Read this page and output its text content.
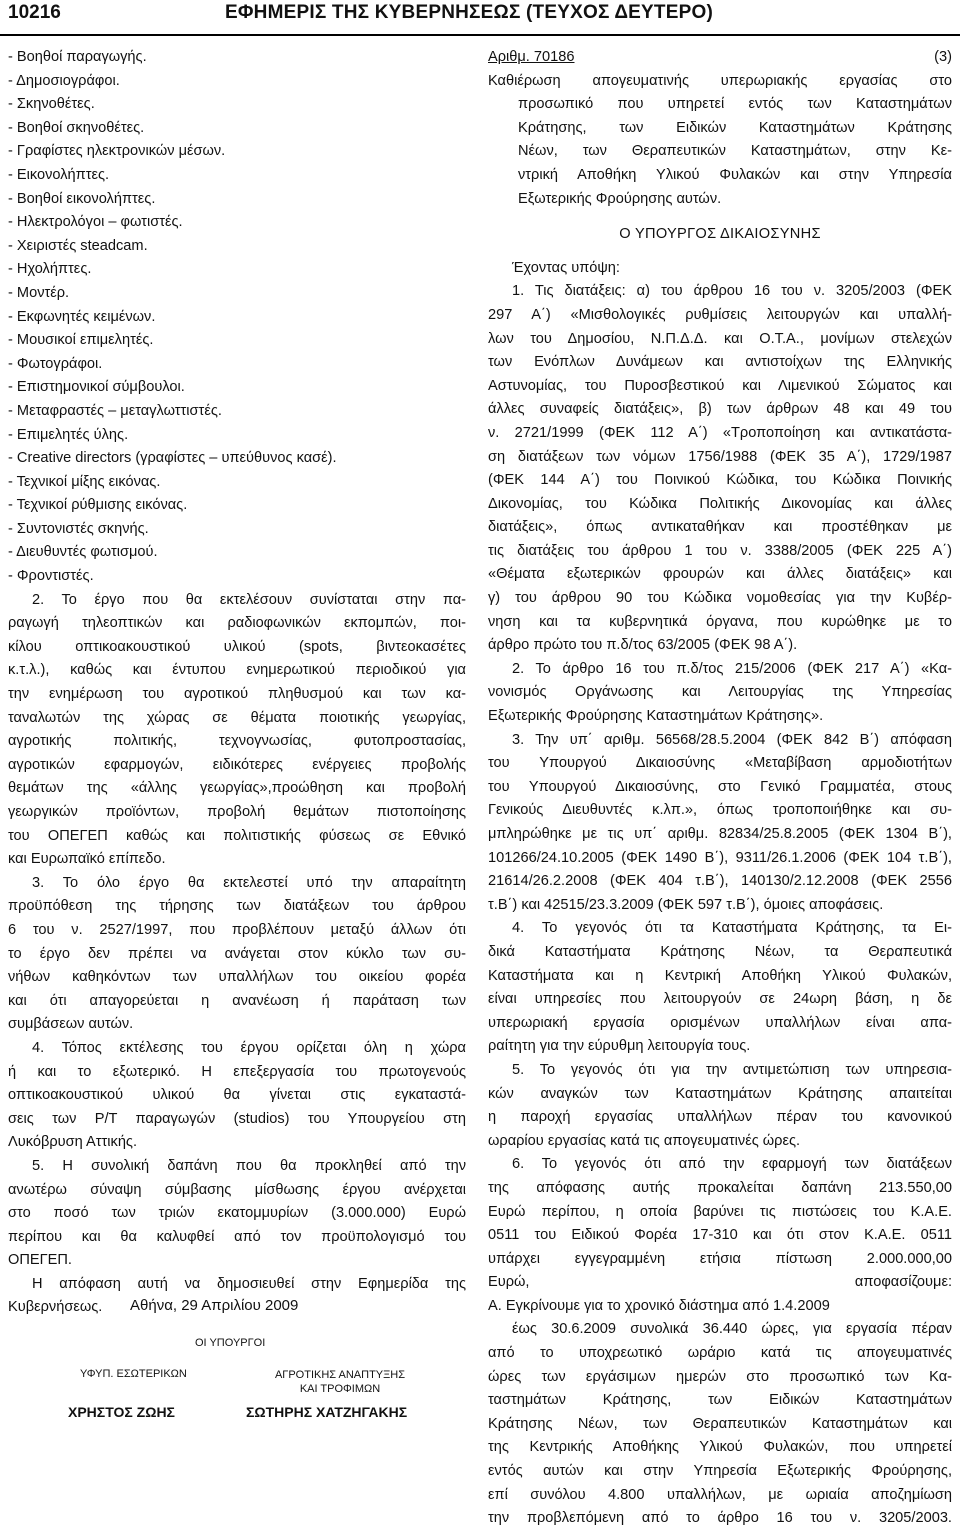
10216	ΕΦΗΜΕΡΙΣ ΤΗΣ ΚΥΒΕΡΝΗΣΕΩΣ (ΤΕΥΧΟΣ ΔΕΥΤΕΡΟ)
- Βοηθοί παραγωγής.
- Δημοσιογράφοι.
- Σκηνοθέτες.
- Βοηθοί σκηνοθέτες.
- Γραφίστες ηλεκτρονικών μέσων.
- Εικονολήπτες.
- Βοηθοί εικονολήπτες.
- Ηλεκτρολόγοι – φωτιστές.
- Χειριστές steadcam.
- Ηχολήπτες.
- Μοντέρ.
- Εκφωνητές κειμένων.
- Μουσικοί επιμελητές.
- Φωτογράφοι.
- Επιστημονικοί σύμβουλοι.
- Μεταφραστές – μεταγλωττιστές.
- Επιμελητές ύλης.
- Creative directors (γραφίστες – υπεύθυνος κασέ).
- Τεχνικοί μίξης εικόνας.
- Τεχνικοί ρύθμισης εικόνας.
- Συντονιστές σκηνής.
- Διευθυντές φωτισμού.
- Φροντιστές.
2. Το έργο που θα εκτελέσουν συνίσταται στην πα-
ραγωγή τηλεοπτικών και ραδιοφωνικών εκπομπών, ποι-
κίλου οπτικοακουστικού υλικού (spots, βιντεοκασέτες
κ.τ.λ.), καθώς και έντυπου ενημερωτικού περιοδικού για
την ενημέρωση του αγροτικού πληθυσμού και των κα-
ταναλωτών της χώρας σε θέματα ποιοτικής γεωργίας,
αγροτικής πολιτικής, τεχνογνωσίας, φυτοπροστασίας,
αγροτικών εφαρμογών, ειδικότερες ενέργειες προβολής
θεμάτων της «άλλης γεωργίας»,προώθηση και προβολή
γεωργικών προϊόντων, προβολή θεμάτων πιστοποίησης
του ΟΠΕΓΕΠ καθώς και πολιτιστικής φύσεως σε Εθνικό
και Ευρωπαϊκό επίπεδο.
3. Το όλο έργο θα εκτελεστεί υπό την απαραίτητη
προϋπόθεση της τήρησης των διατάξεων του άρθρου
6 του ν. 2527/1997, που προβλέπουν μεταξύ άλλων ότι
το έργο δεν πρέπει να ανάγεται στον κύκλο των συ-
νήθων καθηκόντων των υπαλλήλων του οικείου φορέα
και ότι απαγορεύεται η ανανέωση ή παράταση των
συμβάσεων αυτών.
4. Τόπος εκτέλεσης του έργου ορίζεται όλη η χώρα
ή και το εξωτερικό. Η επεξεργασία του πρωτογενούς
οπτικοακουστικού υλικού θα γίνεται στις εγκαταστά-
σεις των Ρ/Τ παραγωγών (studios) του Υπουργείου στη
Λυκόβρυση Αττικής.
5. Η συνολική δαπάνη που θα προκληθεί από την
ανωτέρω σύναψη σύμβασης μίσθωσης έργου ανέρχεται
στο ποσό των τριών εκατομμυρίων (3.000.000) Ευρώ
περίπου και θα καλυφθεί από τον προϋπολογισμό του
ΟΠΕΓΕΠ.
Η απόφαση αυτή να δημοσιευθεί στην Εφημερίδα της
Κυβερνήσεως.
Αριθμ. 70186	(3)
Καθιέρωση απογευματινής υπερωριακής εργασίας στο
προσωπικό που υπηρετεί εντός των Καταστημάτων
Κράτησης, των Ειδικών Καταστημάτων Κράτησης
Νέων, των Θεραπευτικών Καταστημάτων, στην Κε-
ντρική Αποθήκη Υλικού Φυλακών και στην Υπηρεσία
Εξωτερικής Φρούρησης αυτών.
Ο ΥΠΟΥΡΓΟΣ ΔΙΚΑΙΟΣΥΝΗΣ
Έχοντας υπόψη:
1. Τις διατάξεις: α) του άρθρου 16 του ν. 3205/2003 (ΦΕΚ
297 Α΄) «Μισθολογικές ρυθμίσεις λειτουργών και υπαλλή-
λων του Δημοσίου, Ν.Π.Δ.Δ. και Ο.Τ.Α., μονίμων στελεχών
των Ενόπλων Δυνάμεων και αντιστοίχων της Ελληνικής
Αστυνομίας, του Πυροσβεστικού και Λιμενικού Σώματος και
άλλες συναφείς διατάξεις», β) των άρθρων 48 και 49 του
ν. 2721/1999 (ΦΕΚ 112 Α΄) «Τροποποίηση και αντικατάστα-
ση διατάξεων των νόμων 1756/1988 (ΦΕΚ 35 Α΄), 1729/1987
(ΦΕΚ 144 Α΄) του Ποινικού Κώδικα, του Κώδικα Ποινικής
Δικονομίας, του Κώδικα Πολιτικής Δικονομίας και άλλες
διατάξεις», όπως αντικαταθήκαν και προστέθηκαν με
τις διατάξεις του άρθρου 1 του ν. 3388/2005 (ΦΕΚ 225 Α΄)
«Θέματα εξωτερικών φρουρών και άλλες διατάξεις» και
γ) του άρθρου 90 του Κώδικα νομοθεσίας για την Κυβέρ-
νηση και τα κυβερνητικά όργανα, που κυρώθηκε με το
άρθρο πρώτο του π.δ/τος 63/2005 (ΦΕΚ 98 Α΄).
2. Το άρθρο 16 του π.δ/τος 215/2006 (ΦΕΚ 217 Α΄) «Κα-
νονισμός Οργάνωσης και Λειτουργίας της Υπηρεσίας
Εξωτερικής Φρούρησης Καταστημάτων Κράτησης».
3. Την υπ΄ αριθμ. 56568/28.5.2004 (ΦΕΚ 842 Β΄) απόφαση
του Υπουργού Δικαιοσύνης «Μεταβίβαση αρμοδιοτήτων
του Υπουργού Δικαιοσύνης, στο Γενικό Γραμματέα, στους
Γενικούς Διευθυντές κ.λπ.», όπως τροποποιήθηκε και συ-
μπληρώθηκε με τις υπ΄ αριθμ. 82834/25.8.2005 (ΦΕΚ 1304 Β΄),
101266/24.10.2005 (ΦΕΚ 1490 Β΄), 9311/26.1.2006 (ΦΕΚ 104 τ.Β΄),
21614/26.2.2008 (ΦΕΚ 404 τ.Β΄), 140130/2.12.2008 (ΦΕΚ 2556
τ.Β΄) και 42515/23.3.2009 (ΦΕΚ 597 τ.Β΄), όμοιες αποφάσεις.
4. Το γεγονός ότι τα Καταστήματα Κράτησης, τα Ει-
δικά Καταστήματα Κράτησης Νέων, τα Θεραπευτικά
Καταστήματα και η Κεντρική Αποθήκη Υλικού Φυλακών,
είναι υπηρεσίες που λειτουργούν σε 24ωρη βάση, η δε
υπερωριακή εργασία ορισμένων υπαλλήλων είναι απα-
ραίτητη για την εύρυθμη λειτουργία τους.
5. Το γεγονός ότι για την αντιμετώπιση των υπηρεσια-
κών αναγκών των Καταστημάτων Κράτησης απαιτείται
η παροχή εργασίας υπαλλήλων πέραν του κανονικού
ωραρίου εργασίας κατά τις απογευματινές ώρες.
6. Το γεγονός ότι από την εφαρμογή των διατάξεων
της απόφασης αυτής προκαλείται δαπάνη 213.550,00
Ευρώ περίπου, η οποία βαρύνει τις πιστώσεις του Κ.Α.Ε.
0511 του Ειδικού Φορέα 17-310 και ότι στον Κ.Α.Ε. 0511
υπάρχει εγγεγραμμένη ετήσια πίστωση 2.000.000,00
Ευρώ, αποφασίζουμε:
Α. Εγκρίνουμε για το χρονικό διάστημα από 1.4.2009
έως 30.6.2009 συνολικά 36.440 ώρες, για εργασία πέραν
από το υποχρεωτικό ωράριο κατά τις απογευματινές
ώρες των εργάσιμων ημερών στο προσωπικό των Κα-
ταστημάτων Κράτησης, των Ειδικών Καταστημάτων
Κράτησης Νέων, των Θεραπευτικών Καταστημάτων και
της Κεντρικής Αποθήκης Υλικού Φυλακών, που υπηρετεί
εντός αυτών και στην Υπηρεσία Εξωτερικής Φρούρησης,
επί συνόλου 4.800 υπαλλήλων, με ωριαία αποζημίωση
την προβλεπόμενη από το άρθρο 16 του ν. 3205/2003.
Αθήνα, 29 Απριλίου 2009
ΟΙ ΥΠΟΥΡΓΟΙ
ΥΦΥΠ. ΕΣΩΤΕΡΙΚΩΝ	ΑΓΡΟΤΙΚΗΣ ΑΝΑΠΤΥΞΗΣ
ΚΑΙ ΤΡΟΦΙΜΩΝ
ΧΡΗΣΤΟΣ ΖΩΗΣ	ΣΩΤΗΡΗΣ ΧΑΤΖΗΓΑΚΗΣ
